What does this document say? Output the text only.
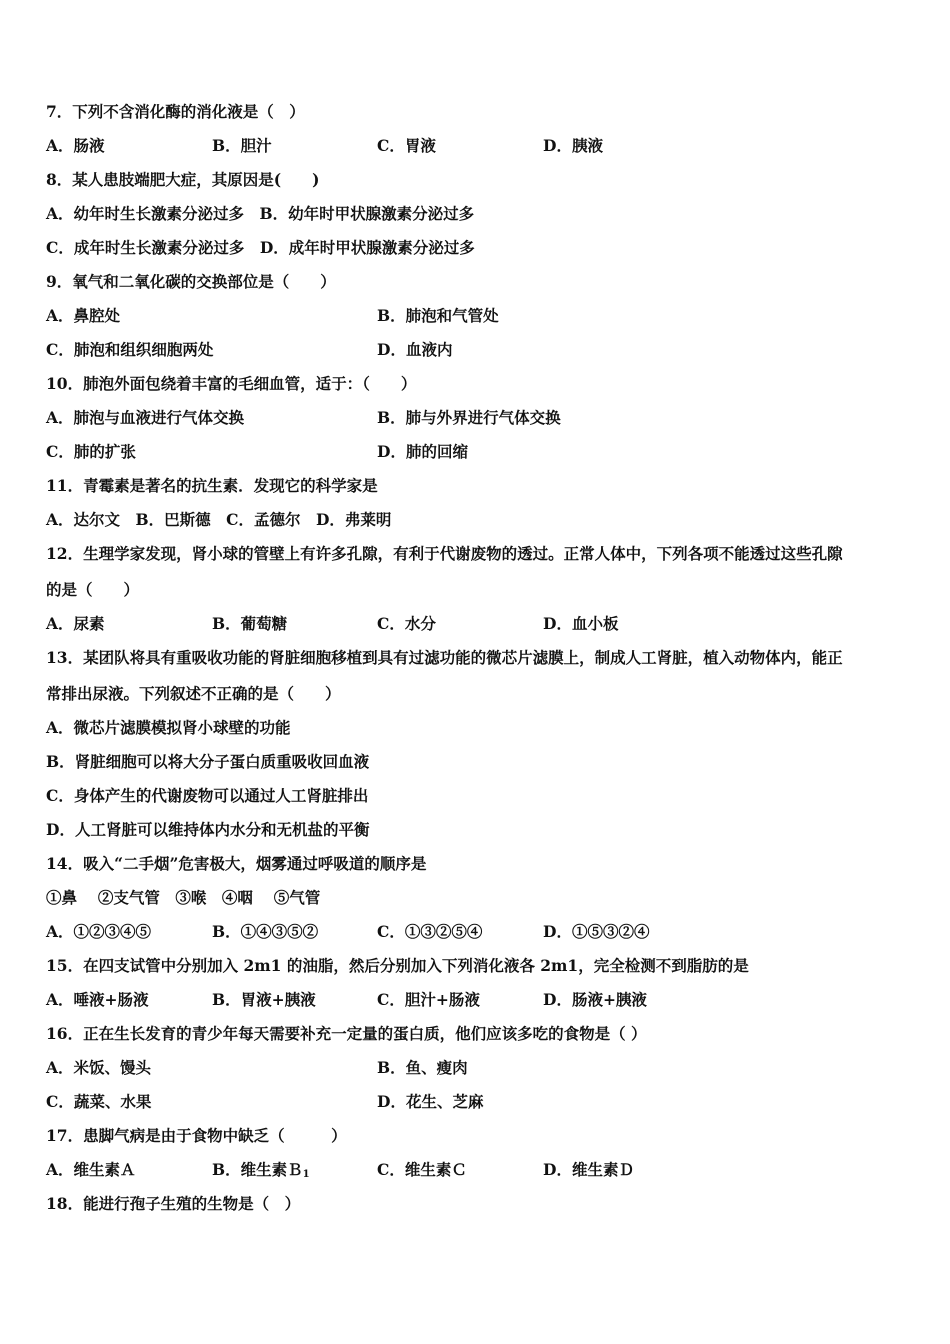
7．下列不含消化酶的消化液是（　）

A．肠液

	B．胆汁

	C．胃液

	D．胰液

8．某人患肢端肥大症，其原因是(　　)
A．幼年时生长激素分泌过多　B．幼年时甲状腺激素分泌过多
C．成年时生长激素分泌过多　D．成年时甲状腺激素分泌过多
9．氧气和二氧化碳的交换部位是（　　）

A．鼻腔处

	B．肺泡和气管处

C．肺泡和组织细胞两处

	D．血液内

10．肺泡外面包绕着丰富的毛细血管，适于：（　　）

A．肺泡与血液进行气体交换

	B．肺与外界进行气体交换

C．肺的扩张

	D．肺的回缩

11．青霉素是著名的抗生素．发现它的科学家是
A．达尔文　B．巴斯德　C．孟德尔　D．弗莱明
12．生理学家发现，肾小球的管壁上有许多孔隙，有利于代谢废物的透过。正常人体中，下列各项不能透过这些孔隙
的是（　　）

A．尿素

	B．葡萄糖

	C．水分

	D．血小板

13．某团队将具有重吸收功能的肾脏细胞移植到具有过滤功能的微芯片滤膜上，制成人工肾脏，植入动物体内，能正
常排出尿液。下列叙述不正确的是（　　）
A．微芯片滤膜模拟肾小球壁的功能
B．肾脏细胞可以将大分子蛋白质重吸收回血液
C．身体产生的代谢废物可以通过人工肾脏排出
D．人工肾脏可以维持体内水分和无机盐的平衡
14．吸入“二手烟”危害极大，烟雾通过呼吸道的顺序是
①鼻　 ②支气管　③喉　④咽　 ⑤气管

A．①②③④⑤

	B．①④③⑤②

	C．①③②⑤④

	D．①⑤③②④

15．在四支试管中分别加入 2m1 的油脂，然后分别加入下列消化液各 2m1，完全检测不到脂肪的是

A．唾液+肠液

	B．胃液+胰液

	C．胆汁+肠液

	D．肠液+胰液

16．正在生长发育的青少年每天需要补充一定量的蛋白质，他们应该多吃的食物是（ ）

A．米饭、馒头

	B．鱼、瘦肉

C．蔬菜、水果

	D．花生、芝麻

17．患脚气病是由于食物中缺乏（　　　）

A．维生素Ａ

	B．维生素Ｂ$_1$

	C．维生素Ｃ

	D．维生素Ｄ

18．能进行孢子生殖的生物是（　）
